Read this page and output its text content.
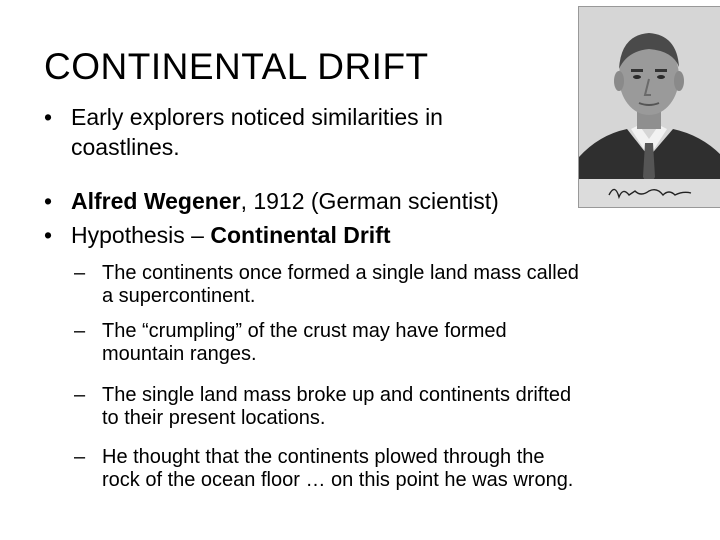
CONTINENTAL DRIFT
• Early explorers noticed similarities in
coastlines.
• Alfred Wegener, 1912 (German scientist)
• Hypothesis – Continental Drift
– The continents once formed a single land mass called
a supercontinent.
– The “crumpling” of the crust may have formed
mountain ranges.
– The single land mass broke up and continents drifted
to their present locations.
– He thought that the continents plowed through the
rock of the ocean floor … on this point he was wrong.
